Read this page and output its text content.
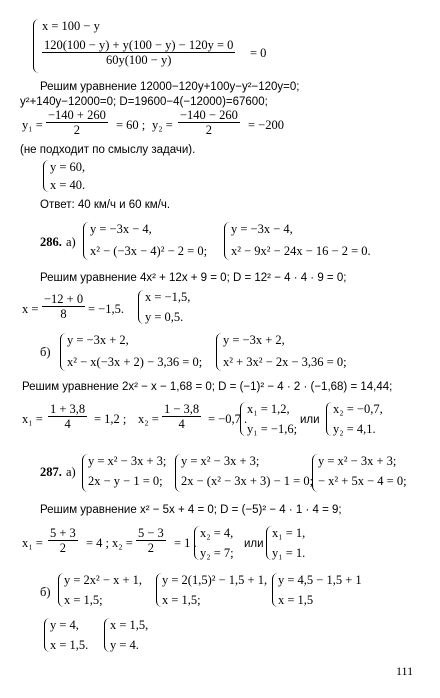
x = 100 − y
$\frac{120(100 - y) + y(100 - y) - 120y = 0}{60y(100 - y)} = 0$
Решим уравнение 12000−120y+100y−y²−120y=0;
y²+140y−12000=0; D=19600−4(−12000)=67600;
$y_1 = \frac{-140 + 260}{2} = 60$ ; $y_2 = \frac{-140 - 260}{2} = -200$
(не подходит по смыслу задачи).
y = 60,
x = 40.
Ответ: 40 км/ч и 60 км/ч.
286. а)
y = −3x − 4,
x² − (−3x − 4)² − 2 = 0;
y = −3x − 4,
x² − 9x² − 24x − 16 − 2 = 0.
Решим уравнение 4x² + 12x + 9 = 0; D = 12² − 4 · 4 · 9 = 0;
$x = \frac{-12 + 0}{8} = -1,5$.
x = −1,5,
y = 0,5.
б)
y = −3x + 2,
x² − x(−3x + 2) − 3,36 = 0;
y = −3x + 2,
x² + 3x² − 2x − 3,36 = 0;
Решим уравнение 2x² − x − 1,68 = 0; D = (−1)² − 4 · 2 · (−1,68) = 14,44;
$x_1 = \frac{1 + 3,8}{4} = 1,2$ ; $x_2 = \frac{1 - 3,8}{4} = -0,7$ .
x₁ = 1,2,
y₁ = −1,6;
или
x₂ = −0,7,
y₂ = 4,1.
287. а)
y = x² − 3x + 3;
2x − y − 1 = 0;
y = x² − 3x + 3;
2x − (x² − 3x + 3) − 1 = 0;
y = x² − 3x + 3;
− x² + 5x − 4 = 0;
Решим уравнение x² − 5x + 4 = 0; D = (−5)² − 4 · 1 · 4 = 9;
$x_1 = \frac{5 + 3}{2} = 4$ ; $x_2 = \frac{5 - 3}{2} = 1$ .
x₂ = 4,
y₂ = 7;
или
x₁ = 1,
y₁ = 1.
б)
y = 2x² − x + 1,
x = 1,5;
y = 2(1,5)² − 1,5 + 1,
x = 1,5;
y = 4,5 − 1,5 + 1
x = 1,5
y = 4,
x = 1,5.
x = 1,5,
y = 4.
111
